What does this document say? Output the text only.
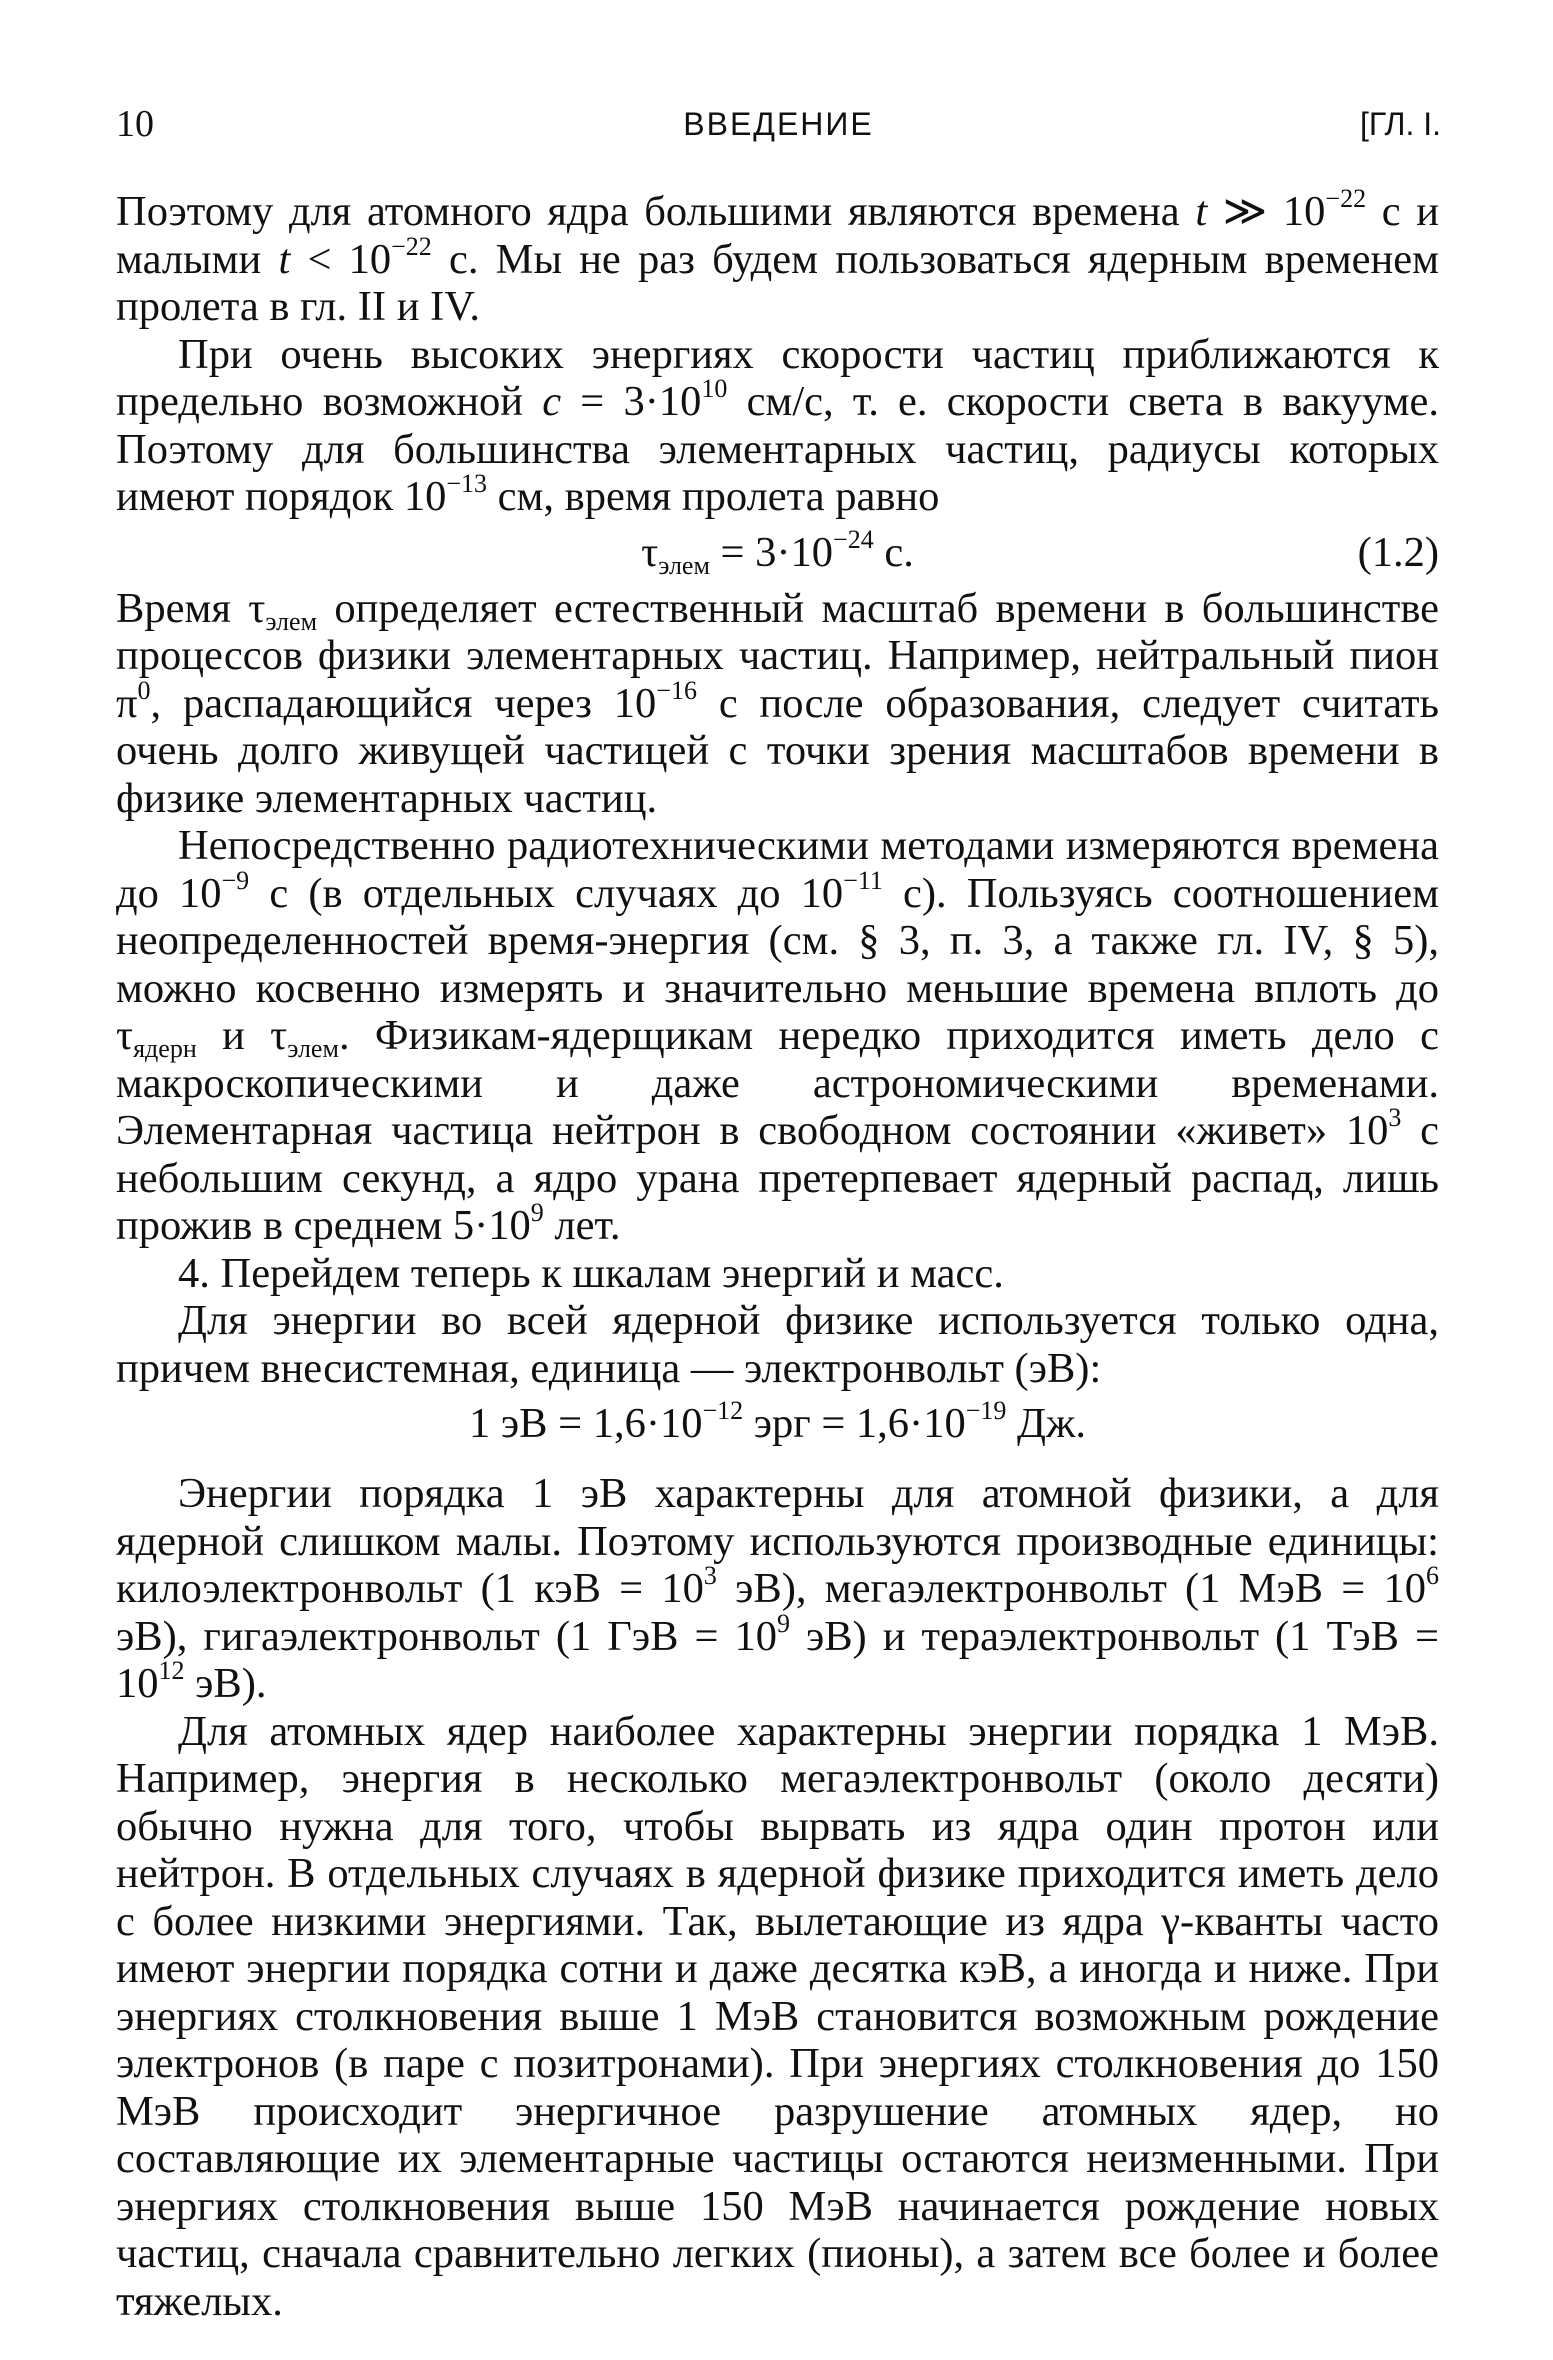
10	ВВЕДЕНИЕ	[ГЛ. I.

Поэтому для атомного ядра большими являются времена t ≫ $10^{-22}$ с и малыми $t < 10^{-22}$ с. Мы не раз будем пользоваться ядерным временем пролета в гл. II и IV.

При очень высоких энергиях скорости частиц приближаются к предельно возможной $c = 3\cdot 10^{10}$ см/с, т. е. скорости света в вакууме. Поэтому для большинства элементарных частиц, радиусы которых имеют порядок $10^{-13}$ см, время пролета равно

$\tau_{элем} = 3\cdot 10^{-24}$ с.	(1.2)

Время $\tau_{элем}$ определяет естественный масштаб времени в большинстве процессов физики элементарных частиц. Например, нейтральный пион $\pi^0$, распадающийся через $10^{-16}$ с после образования, следует считать очень долго живущей частицей с точки зрения масштабов времени в физике элементарных частиц.

Непосредственно радиотехническими методами измеряются времена до $10^{-9}$ с (в отдельных случаях до $10^{-11}$ с). Пользуясь соотношением неопределенностей время-энергия (см. § 3, п. 3, а также гл. IV, § 5), можно косвенно измерять и значительно меньшие времена вплоть до $\tau_{ядерн}$ и $\tau_{элем}$. Физикам-ядерщикам нередко приходится иметь дело с макроскопическими и даже астрономическими временами. Элементарная частица нейтрон в свободном состоянии «живет» $10^3$ с небольшим секунд, а ядро урана претерпевает ядерный распад, лишь прожив в среднем $5\cdot 10^9$ лет.

4. Перейдем теперь к шкалам энергий и масс.

Для энергии во всей ядерной физике используется только одна, причем внесистемная, единица — электронвольт (эВ):

1 эВ = $1,6\cdot 10^{-12}$ эрг = $1,6\cdot 10^{-19}$ Дж.

Энергии порядка 1 эВ характерны для атомной физики, а для ядерной слишком малы. Поэтому используются производные единицы: килоэлектронвольт (1 кэВ = $10^3$ эВ), мегаэлектронвольт (1 МэВ = $10^6$ эВ), гигаэлектронвольт (1 ГэВ = $10^9$ эВ) и тераэлектронвольт (1 ТэВ = $10^{12}$ эВ).

Для атомных ядер наиболее характерны энергии порядка 1 МэВ. Например, энергия в несколько мегаэлектронвольт (около десяти) обычно нужна для того, чтобы вырвать из ядра один протон или нейтрон. В отдельных случаях в ядерной физике приходится иметь дело с более низкими энергиями. Так, вылетающие из ядра γ-кванты часто имеют энергии порядка сотни и даже десятка кэВ, а иногда и ниже. При энергиях столкновения выше 1 МэВ становится возможным рождение электронов (в паре с позитронами). При энергиях столкновения до 150 МэВ происходит энергичное разрушение атомных ядер, но составляющие их элементарные частицы остаются неизменными. При энергиях столкновения выше 150 МэВ начинается рождение новых частиц, сначала сравнительно легких (пионы), а затем все более и более тяжелых.
